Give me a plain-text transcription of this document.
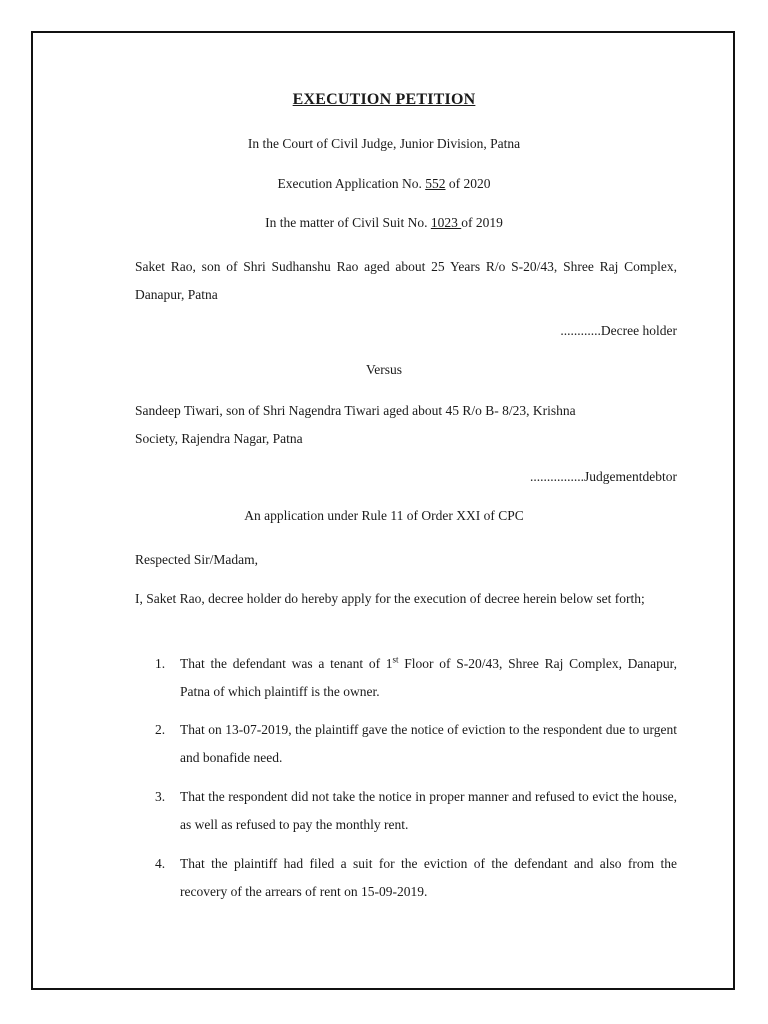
EXECUTION PETITION
In the Court of Civil Judge, Junior Division, Patna
Execution Application No. 552 of 2020
In the matter of Civil Suit No. 1023 of 2019
Saket Rao, son of Shri Sudhanshu Rao aged about 25 Years R/o S-20/43, Shree Raj Complex, Danapur, Patna
............Decree holder
Versus
Sandeep Tiwari, son of Shri Nagendra Tiwari aged about 45 R/o B- 8/23, Krishna
Society, Rajendra Nagar, Patna
................Judgementdebtor
An application under Rule 11 of Order XXI of CPC
Respected Sir/Madam,
I, Saket Rao, decree holder do hereby apply for the execution of decree herein below set forth;
1.	That the defendant was a tenant of 1st Floor of S-20/43, Shree Raj Complex, Danapur, Patna of which plaintiff is the owner.
2.	That on 13-07-2019, the plaintiff gave the notice of eviction to the respondent due to urgent and bonafide need.
3.	That the respondent did not take the notice in proper manner and refused to evict the house, as well as refused to pay the monthly rent.
4.	That the plaintiff had filed a suit for the eviction of the defendant and also from the recovery of the arrears of rent on 15-09-2019.
